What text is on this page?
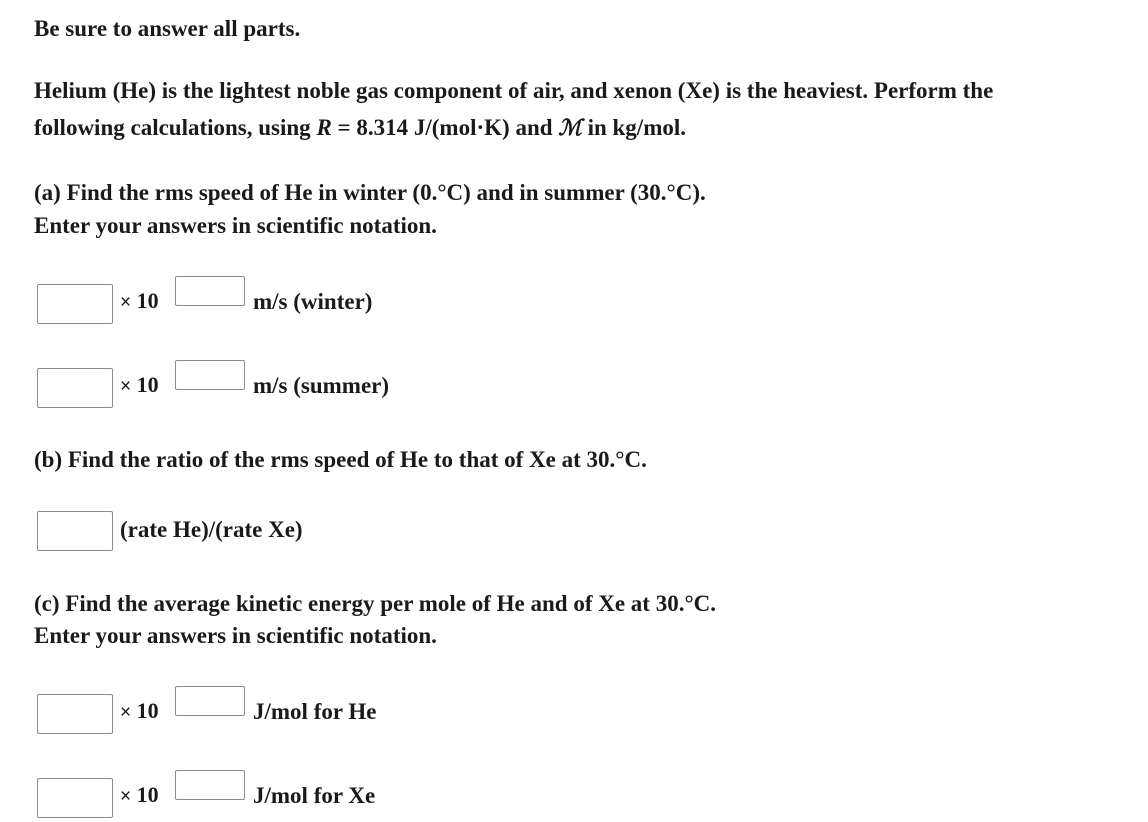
Be sure to answer all parts.
Helium (He) is the lightest noble gas component of air, and xenon (Xe) is the heaviest. Perform the
following calculations, using R = 8.314 J/(mol·K) and ℳ in kg/mol.
(a) Find the rms speed of He in winter (0.°C) and in summer (30.°C).
Enter your answers in scientific notation.
× 10	m/s (winter)
× 10	m/s (summer)
(b) Find the ratio of the rms speed of He to that of Xe at 30.°C.
(rate He)/(rate Xe)
(c) Find the average kinetic energy per mole of He and of Xe at 30.°C.
Enter your answers in scientific notation.
× 10	J/mol for He
× 10	J/mol for Xe
